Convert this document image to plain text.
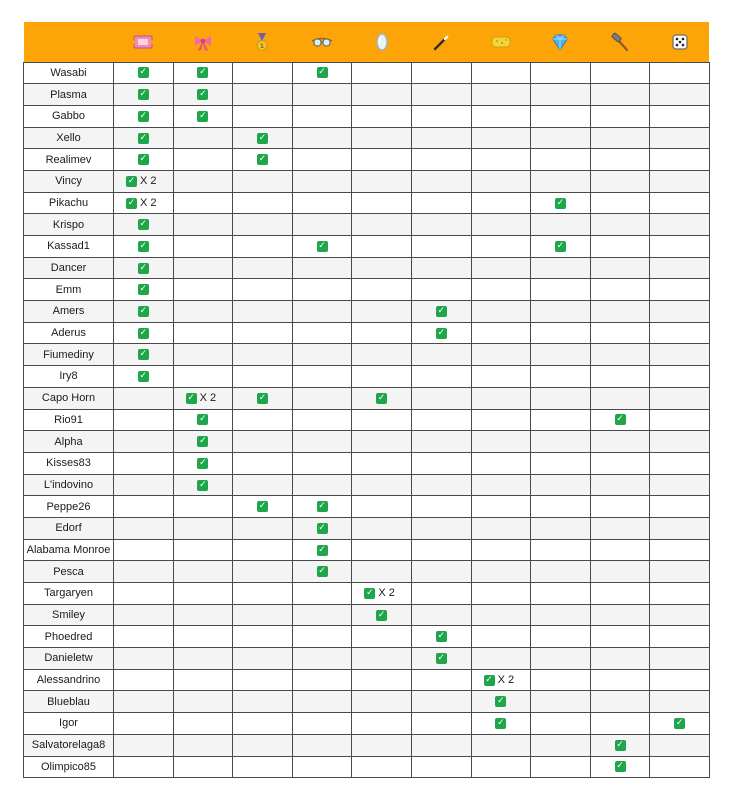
1

Wasabi	✓	✓		✓						
Plasma	✓	✓								
Gabbo	✓	✓								
Xello	✓		✓							
Realimev	✓		✓							
Vincy	✓ X 2									
Pikachu	✓ X 2							✓		
Krispo	✓									
Kassad1	✓			✓				✓		
Dancer	✓									
Emm	✓									
Amers	✓					✓				
Aderus	✓					✓				
Fiumediny	✓									
Iry8	✓									
Capo Horn		✓ X 2	✓		✓					
Rio91		✓							✓	
Alpha		✓								
Kisses83		✓								
L'indovino		✓								
Peppe26			✓	✓						
Edorf				✓						
Alabama Monroe				✓						
Pesca				✓						
Targaryen					✓ X 2					
Smiley					✓					
Phoedred						✓				
Danieletw						✓				
Alessandrino							✓ X 2			
Blueblau							✓			
Igor							✓			✓
Salvatorelaga8									✓	
Olimpico85									✓	
